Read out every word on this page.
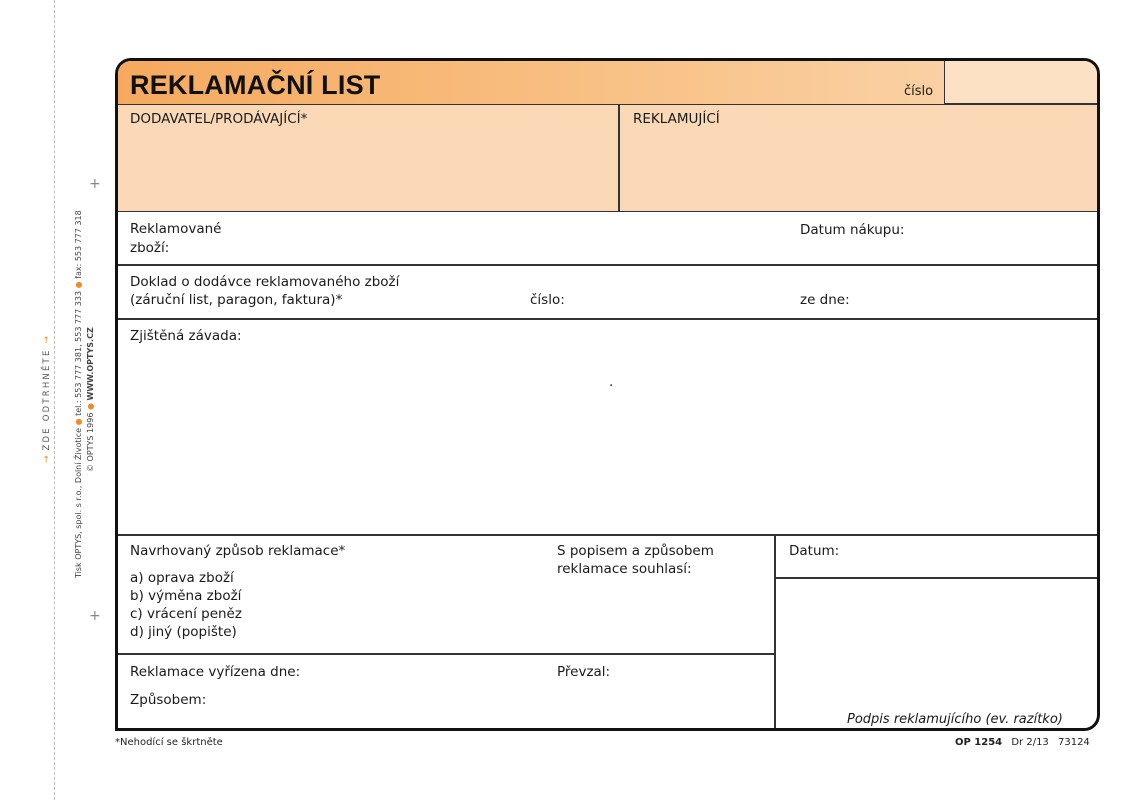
+
+
→ ZDE ODTRHNĚTE →
Tisk OPTYS, spol. s r.o., Dolní Životice ● tel.: 553 777 381, 553 777 333 ● fax: 553 777 318
© OPTYS 1996 ● WWW.OPTYS.CZ
REKLAMAČNÍ LIST	číslo
DODAVATEL/PRODÁVAJÍCÍ*	REKLAMUJÍCÍ
Reklamované
zboží:
Datum nákupu:
Doklad o dodávce reklamovaného zboží
(záruční list, paragon, faktura)*	číslo:	ze dne:
Zjištěná závada:
.
Navrhovaný způsob reklamace*
a) oprava zboží
b) výměna zboží
c) vrácení peněz
d) jiný (popište)
S popisem a způsobem
reklamace souhlasí:
Datum:
Reklamace vyřízena dne:	Převzal:
Způsobem:
Podpis reklamujícího (ev. razítko)
*Nehodící se škrtněte	OP 1254 Dr 2/13 73124
